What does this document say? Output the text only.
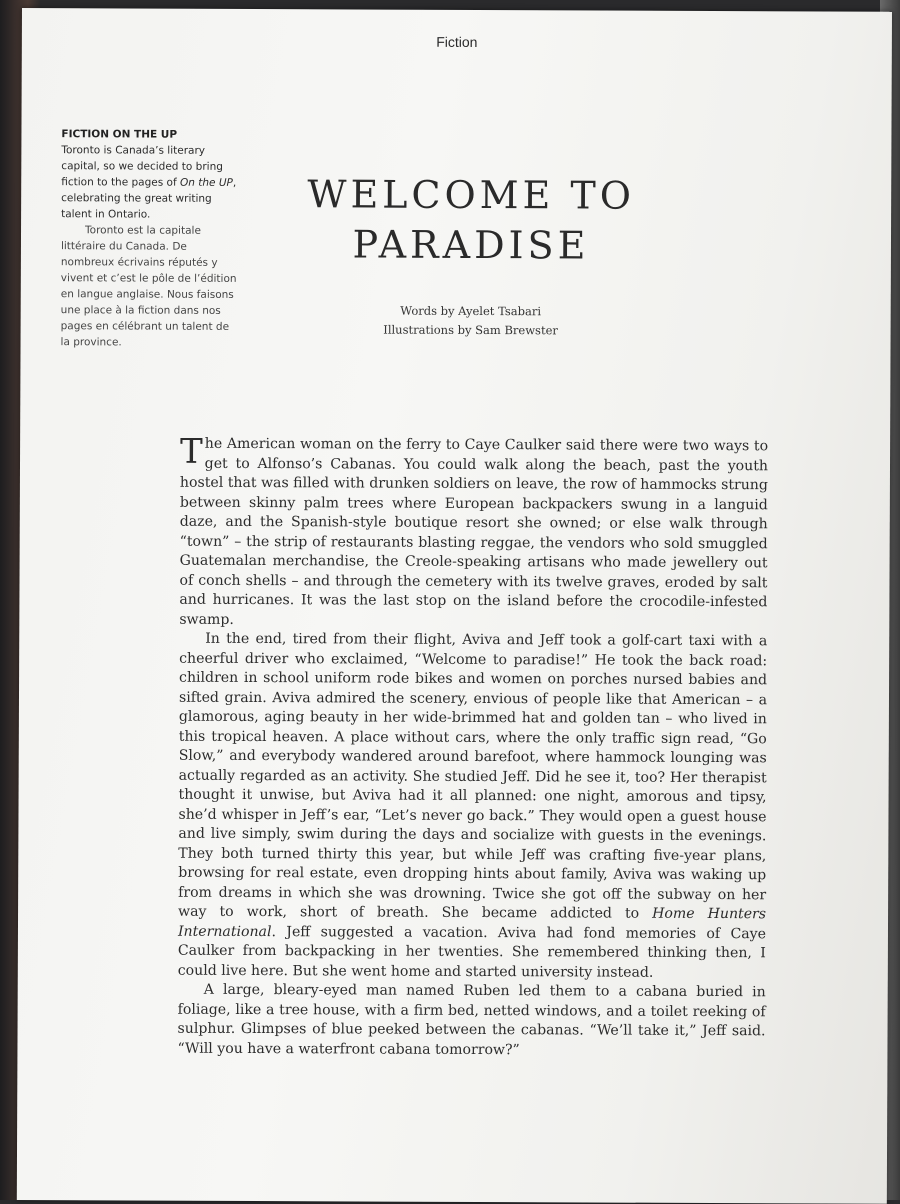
Fiction
FICTION ON THE UP
Toronto is Canada’s literary capital, so we decided to bring fiction to the pages of On the UP, celebrating the great writing talent in Ontario.
Toronto est la capitale littéraire du Canada. De nombreux écrivains réputés y vivent et c’est le pôle de l’édition en langue anglaise. Nous faisons une place à la fiction dans nos pages en célébrant un talent de la province.
WELCOME TO
PARADISE
Words by Ayelet Tsabari
Illustrations by Sam Brewster

The American woman on the ferry to Caye Caulker said there were two ways to get to Alfonso’s Cabanas. You could walk along the beach, past the youth hostel that was filled with drunken soldiers on leave, the row of hammocks strung between skinny palm trees where European backpackers swung in a languid daze, and the Spanish-style boutique resort she owned; or else walk through “town” – the strip of restaurants blasting reggae, the vendors who sold smuggled Guatemalan merchandise, the Creole-speaking artisans who made jewellery out of conch shells – and through the cemetery with its twelve graves, eroded by salt and hurricanes. It was the last stop on the island before the crocodile-infested swamp.

In the end, tired from their flight, Aviva and Jeff took a golf-cart taxi with a cheerful driver who exclaimed, “Welcome to paradise!” He took the back road: children in school uniform rode bikes and women on porches nursed babies and sifted grain. Aviva admired the scenery, envious of people like that American – a glamorous, aging beauty in her wide-brimmed hat and golden tan – who lived in this tropical heaven. A place without cars, where the only traffic sign read, “Go Slow,” and everybody wandered around barefoot, where hammock lounging was actually regarded as an activity. She studied Jeff. Did he see it, too? Her therapist thought it unwise, but Aviva had it all planned: one night, amorous and tipsy, she’d whisper in Jeff’s ear, “Let’s never go back.” They would open a guest house and live simply, swim during the days and socialize with guests in the evenings. They both turned thirty this year, but while Jeff was crafting five-year plans, browsing for real estate, even dropping hints about family, Aviva was waking up from dreams in which she was drowning. Twice she got off the subway on her way to work, short of breath. She became addicted to Home Hunters International. Jeff suggested a vacation. Aviva had fond memories of Caye Caulker from backpacking in her twenties. She remembered thinking then, I could live here. But she went home and started university instead.

A large, bleary-eyed man named Ruben led them to a cabana buried in foliage, like a tree house, with a firm bed, netted windows, and a toilet reeking of sulphur. Glimpses of blue peeked between the cabanas. “We’ll take it,” Jeff said. “Will you have a waterfront cabana tomorrow?”
